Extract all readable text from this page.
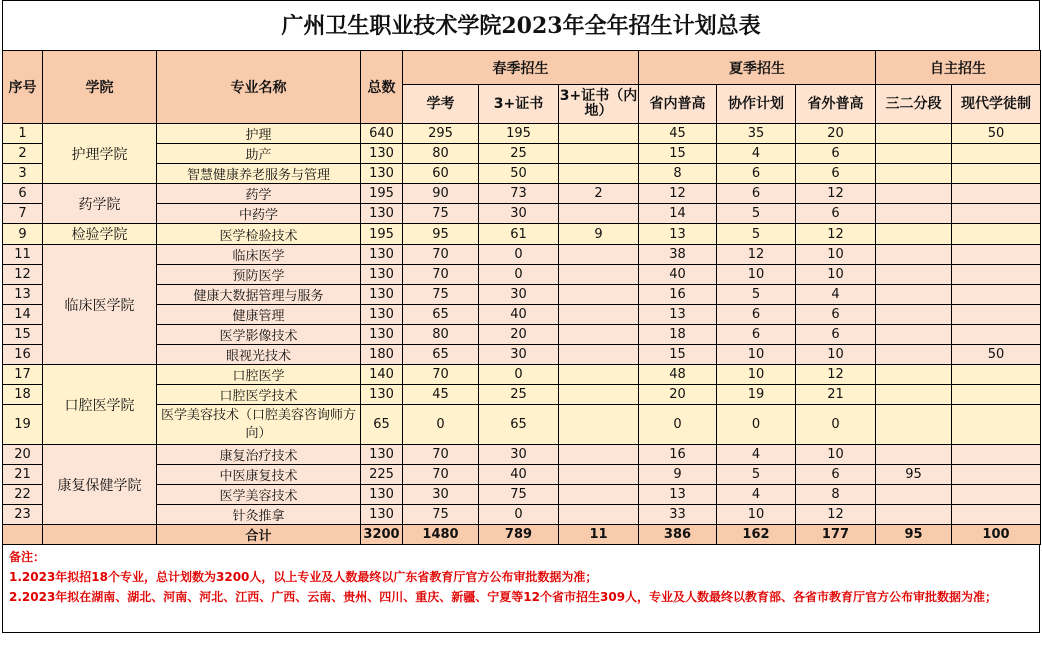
广州卫生职业技术学院2023年全年招生计划总表
序号	学院	专业名称	总数	春季招生			夏季招生			自主招生	
				学考	3+证书	3+证书（内地）	省内普高	协作计划	省外普高	三二分段	现代学徒制
1	护理学院	护理	640	295	195		45	35	20		50
2		助产	130	80	25		15	4	6		
3		智慧健康养老服务与管理	130	60	50		8	6	6		
6	药学院	药学	195	90	73	2	12	6	12		
7		中药学	130	75	30		14	5	6		
9	检验学院	医学检验技术	195	95	61	9	13	5	12		
11	临床医学院	临床医学	130	70	0		38	12	10		
12		预防医学	130	70	0		40	10	10		
13		健康大数据管理与服务	130	75	30		16	5	4		
14		健康管理	130	65	40		13	6	6		
15		医学影像技术	130	80	20		18	6	6		
16		眼视光技术	180	65	30		15	10	10		50
17	口腔医学院	口腔医学	140	70	0		48	10	12		
18		口腔医学技术	130	45	25		20	19	21		
19		医学美容技术（口腔美容咨询师方向）	65	0	65		0	0	0		
20	康复保健学院	康复治疗技术	130	70	30		16	4	10		
21		中医康复技术	225	70	40		9	5	6	95	
22		医学美容技术	130	30	75		13	4	8		
23		针灸推拿	130	75	0		33	10	12		
		合计	3200	1480	789	11	386	162	177	95	100
备注：
1.2023年拟招18个专业，总计划数为3200人，以上专业及人数最终以广东省教育厅官方公布审批数据为准；
2.2023年拟在湖南、湖北、河南、河北、江西、广西、云南、贵州、四川、重庆、新疆、宁夏等12个省市招生309人，专业及人数最终以教育部、各省市教育厅官方公布审批数据为准；
